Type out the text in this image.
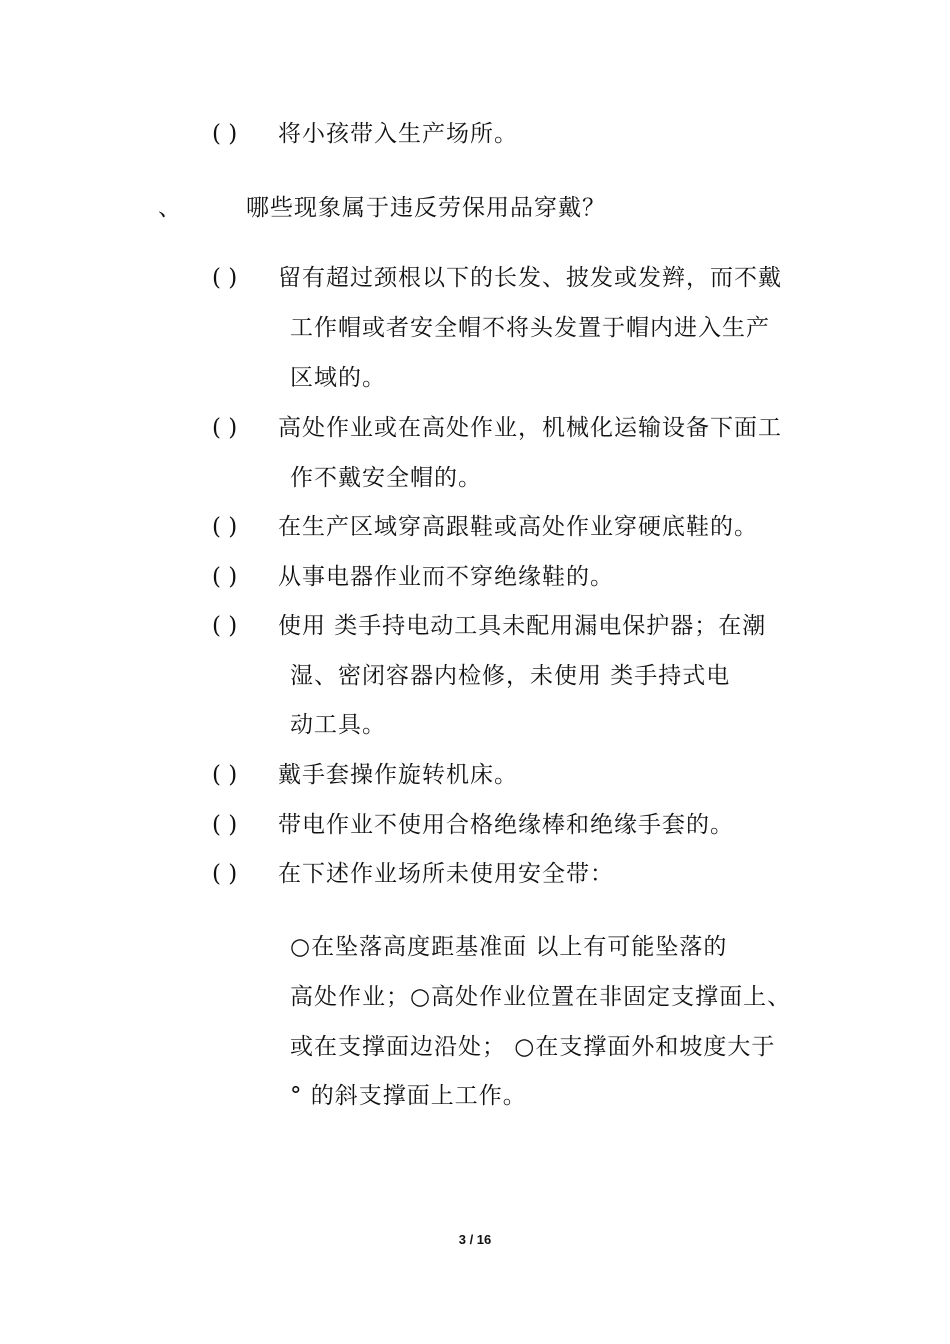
( ) 将小孩带入生产场所。
、	哪些现象属于违反劳保用品穿戴？
( ) 留有超过颈根以下的长发、披发或发辫，而不戴
工作帽或者安全帽不将头发置于帽内进入生产
区域的。
( ) 高处作业或在高处作业，机械化运输设备下面工
作不戴安全帽的。
( ) 在生产区域穿高跟鞋或高处作业穿硬底鞋的。
( ) 从事电器作业而不穿绝缘鞋的。
( ) 使用 类手持电动工具未配用漏电保护器；在潮
湿、密闭容器内检修，未使用 类手持式电
动工具。
( ) 戴手套操作旋转机床。
( ) 带电作业不使用合格绝缘棒和绝缘手套的。
( ) 在下述作业场所未使用安全带：
○在坠落高度距基准面 以上有可能坠落的
高处作业；○高处作业位置在非固定支撑面上、
或在支撑面边沿处； ○在支撑面外和坡度大于
° 的斜支撑面上工作。
3 / 16
